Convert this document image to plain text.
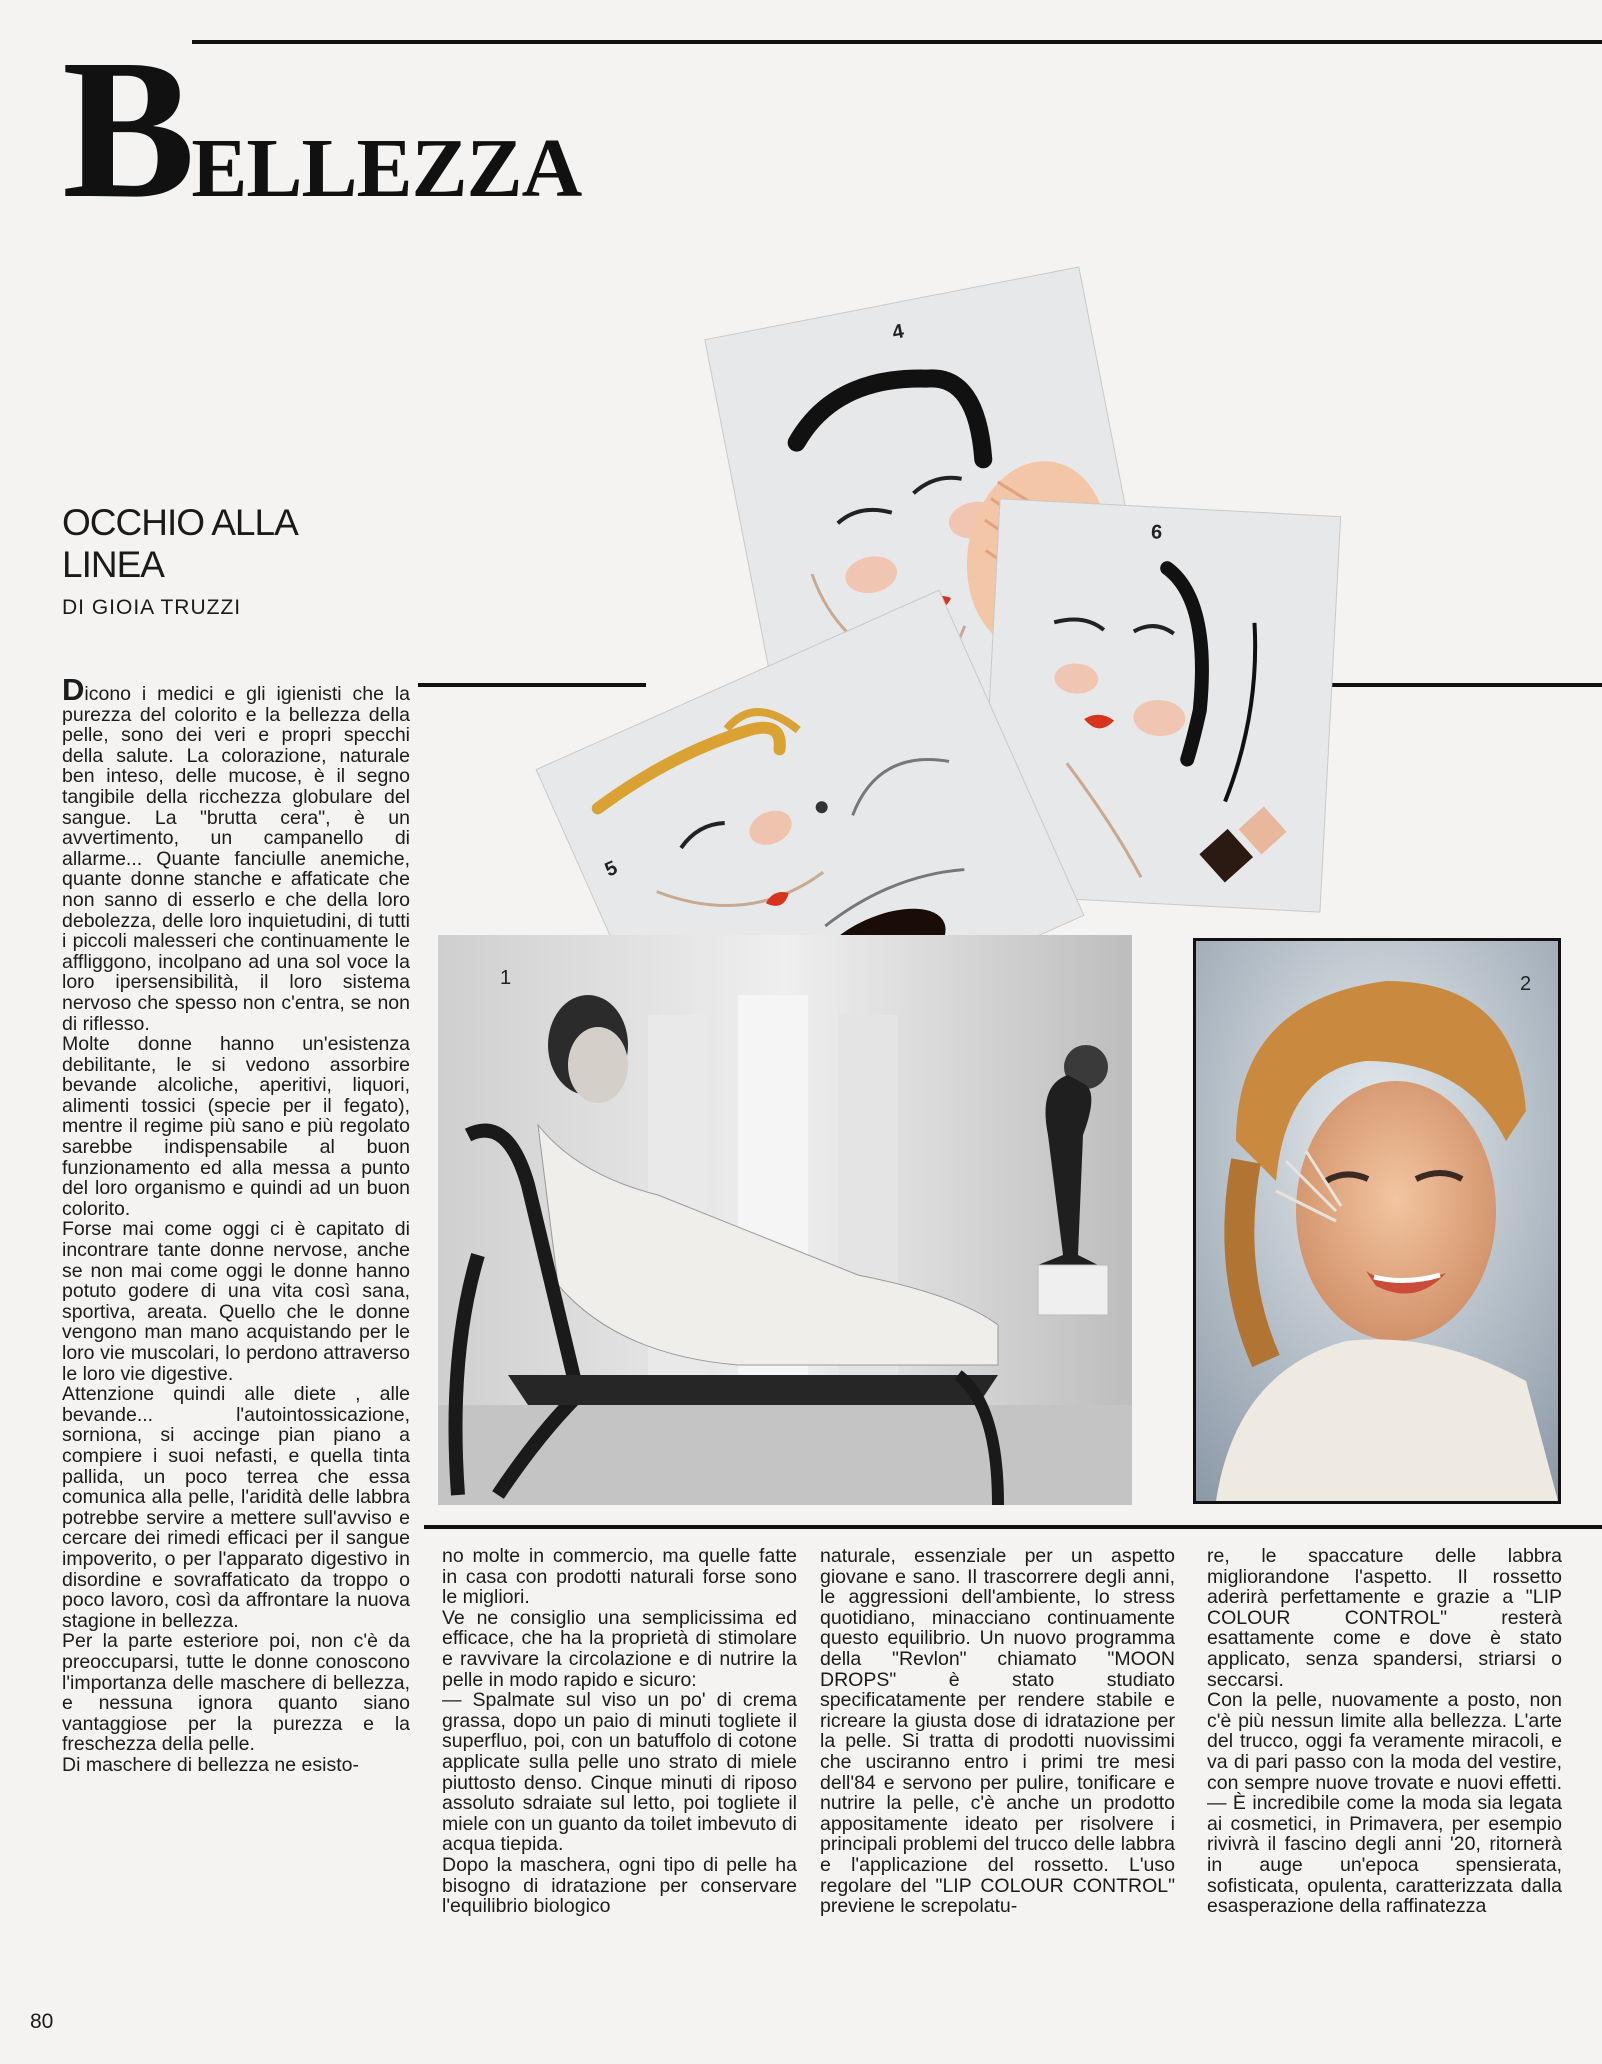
BELLEZZA
OCCHIO ALLA LINEA
DI GIOIA TRUZZI

Dicono i medici e gli igienisti che la purezza del colorito e la bellezza della pelle, sono dei veri e propri specchi della salute. La colorazione, naturale ben inteso, delle mucose, è il segno tangibile della ricchezza globulare del sangue. La "brutta cera", è un avvertimento, un campanello di allarme... Quante fanciulle anemiche, quante donne stanche e affaticate che non sanno di esserlo e che della loro debolezza, delle loro inquietudini, di tutti i piccoli malesseri che continuamente le affliggono, incolpano ad una sol voce la loro ipersensibilità, il loro sistema nervoso che spesso non c'entra, se non di riflesso.

Molte donne hanno un'esistenza debilitante, le si vedono assorbire bevande alcoliche, aperitivi, liquori, alimenti tossici (specie per il fegato), mentre il regime più sano e più regolato sarebbe indispensabile al buon funzionamento ed alla messa a punto del loro organismo e quindi ad un buon colorito.

Forse mai come oggi ci è capitato di incontrare tante donne nervose, anche se non mai come oggi le donne hanno potuto godere di una vita così sana, sportiva, areata. Quello che le donne vengono man mano acquistando per le loro vie muscolari, lo perdono attraverso le loro vie digestive.

Attenzione quindi alle diete , alle bevande... l'autointossicazione, sorniona, si accinge pian piano a compiere i suoi nefasti, e quella tinta pallida, un poco terrea che essa comunica alla pelle, l'aridità delle labbra potrebbe servire a mettere sull'avviso e cercare dei rimedi efficaci per il sangue impoverito, o per l'apparato digestivo in disordine e sovraffaticato da troppo o poco lavoro, così da affrontare la nuova stagione in bellezza.

Per la parte esteriore poi, non c'è da preoccuparsi, tutte le donne conoscono l'importanza delle maschere di bellezza, e nessuna ignora quanto siano vantaggiose per la purezza e la freschezza della pelle.

Di maschere di bellezza ne esisto-

no molte in commercio, ma quelle fatte in casa con prodotti naturali forse sono le migliori.

Ve ne consiglio una semplicissima ed efficace, che ha la proprietà di stimolare e ravvivare la circolazione e di nutrire la pelle in modo rapido e sicuro:

— Spalmate sul viso un po' di crema grassa, dopo un paio di minuti togliete il superfluo, poi, con un batuffolo di cotone applicate sulla pelle uno strato di miele piuttosto denso. Cinque minuti di riposo assoluto sdraiate sul letto, poi togliete il miele con un guanto da toilet imbevuto di acqua tiepida.

Dopo la maschera, ogni tipo di pelle ha bisogno di idratazione per conservare l'equilibrio biologico

naturale, essenziale per un aspetto giovane e sano. Il trascorrere degli anni, le aggressioni dell'ambiente, lo stress quotidiano, minacciano continuamente questo equilibrio. Un nuovo programma della "Revlon" chiamato "MOON DROPS" è stato studiato specificatamente per rendere stabile e ricreare la giusta dose di idratazione per la pelle. Si tratta di prodotti nuovissimi che usciranno entro i primi tre mesi dell'84 e servono per pulire, tonificare e nutrire la pelle, c'è anche un prodotto appositamente ideato per risolvere i principali problemi del trucco delle labbra e l'applicazione del rossetto. L'uso regolare del "LIP COLOUR CONTROL" previene le screpolatu-

re, le spaccature delle labbra migliorandone l'aspetto. Il rossetto aderirà perfettamente e grazie a "LIP COLOUR CONTROL" resterà esattamente come e dove è stato applicato, senza spandersi, striarsi o seccarsi.

Con la pelle, nuovamente a posto, non c'è più nessun limite alla bellezza. L'arte del trucco, oggi fa veramente miracoli, e va di pari passo con la moda del vestire, con sempre nuove trovate e nuovi effetti. — È incredibile come la moda sia legata ai cosmetici, in Primavera, per esempio rivivrà il fascino degli anni '20, ritornerà in auge un'epoca spensierata, sofisticata, opulenta, caratterizzata dalla esasperazione della raffinatezza

4
6
5
1	2
80
